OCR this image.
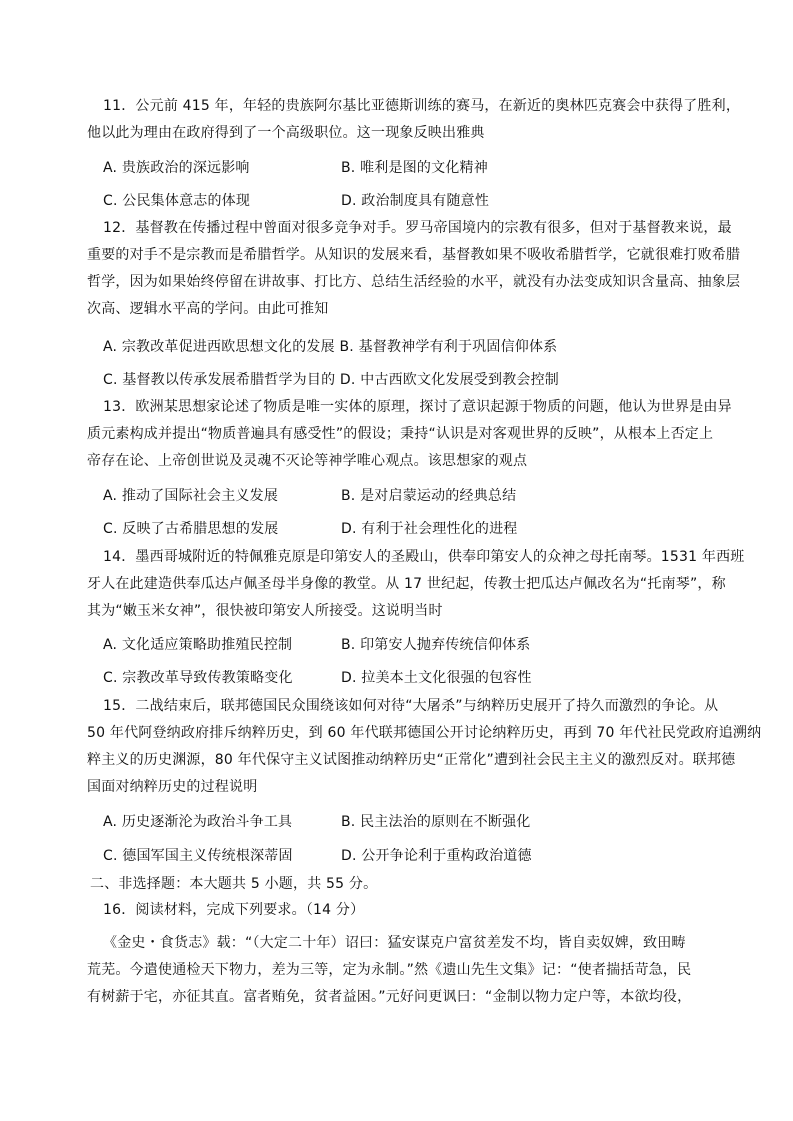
11．公元前 415 年，年轻的贵族阿尔基比亚德斯训练的赛马，在新近的奥林匹克赛会中获得了胜利，
他以此为理由在政府得到了一个高级职位。这一现象反映出雅典
A. 贵族政治的深远影响	B. 唯利是图的文化精神
C. 公民集体意志的体现	D. 政治制度具有随意性
12．基督教在传播过程中曾面对很多竞争对手。罗马帝国境内的宗教有很多，但对于基督教来说，最
重要的对手不是宗教而是希腊哲学。从知识的发展来看，基督教如果不吸收希腊哲学，它就很难打败希腊
哲学，因为如果始终停留在讲故事、打比方、总结生活经验的水平，就没有办法变成知识含量高、抽象层
次高、逻辑水平高的学问。由此可推知
A. 宗教改革促进西欧思想文化的发展 B. 基督教神学有利于巩固信仰体系
C. 基督教以传承发展希腊哲学为目的 D. 中古西欧文化发展受到教会控制
13．欧洲某思想家论述了物质是唯一实体的原理，探讨了意识起源于物质的问题，他认为世界是由异
质元素构成并提出“物质普遍具有感受性”的假设；秉持“认识是对客观世界的反映”，从根本上否定上
帝存在论、上帝创世说及灵魂不灭论等神学唯心观点。该思想家的观点
A. 推动了国际社会主义发展	B. 是对启蒙运动的经典总结
C. 反映了古希腊思想的发展	D. 有利于社会理性化的进程
14．墨西哥城附近的特佩雅克原是印第安人的圣殿山，供奉印第安人的众神之母托南琴。1531 年西班
牙人在此建造供奉瓜达卢佩圣母半身像的教堂。从 17 世纪起，传教士把瓜达卢佩改名为“托南琴”，称
其为“嫩玉米女神”，很快被印第安人所接受。这说明当时
A. 文化适应策略助推殖民控制	B. 印第安人抛弃传统信仰体系
C. 宗教改革导致传教策略变化	D. 拉美本土文化很强的包容性
15．二战结束后，联邦德国民众围绕该如何对待“大屠杀”与纳粹历史展开了持久而激烈的争论。从
50 年代阿登纳政府排斥纳粹历史，到 60 年代联邦德国公开讨论纳粹历史，再到 70 年代社民党政府追溯纳
粹主义的历史渊源，80 年代保守主义试图推动纳粹历史“正常化”遭到社会民主主义的激烈反对。联邦德
国面对纳粹历史的过程说明
A. 历史逐渐沦为政治斗争工具	B. 民主法治的原则在不断强化
C. 德国军国主义传统根深蒂固	D. 公开争论利于重构政治道德
二、非选择题：本大题共 5 小题，共 55 分。
16．阅读材料，完成下列要求。（14 分）
《金史・食货志》载：“（大定二十年）诏曰：猛安谋克户富贫差发不均，皆自卖奴婢，致田畴
荒芜。今遣使通检天下物力，差为三等，定为永制。”然《遗山先生文集》记：“使者揣括苛急，民
有树薪于宅，亦征其直。富者贿免，贫者益困。”元好问更讽曰：“金制以物力定户等，本欲均役，
